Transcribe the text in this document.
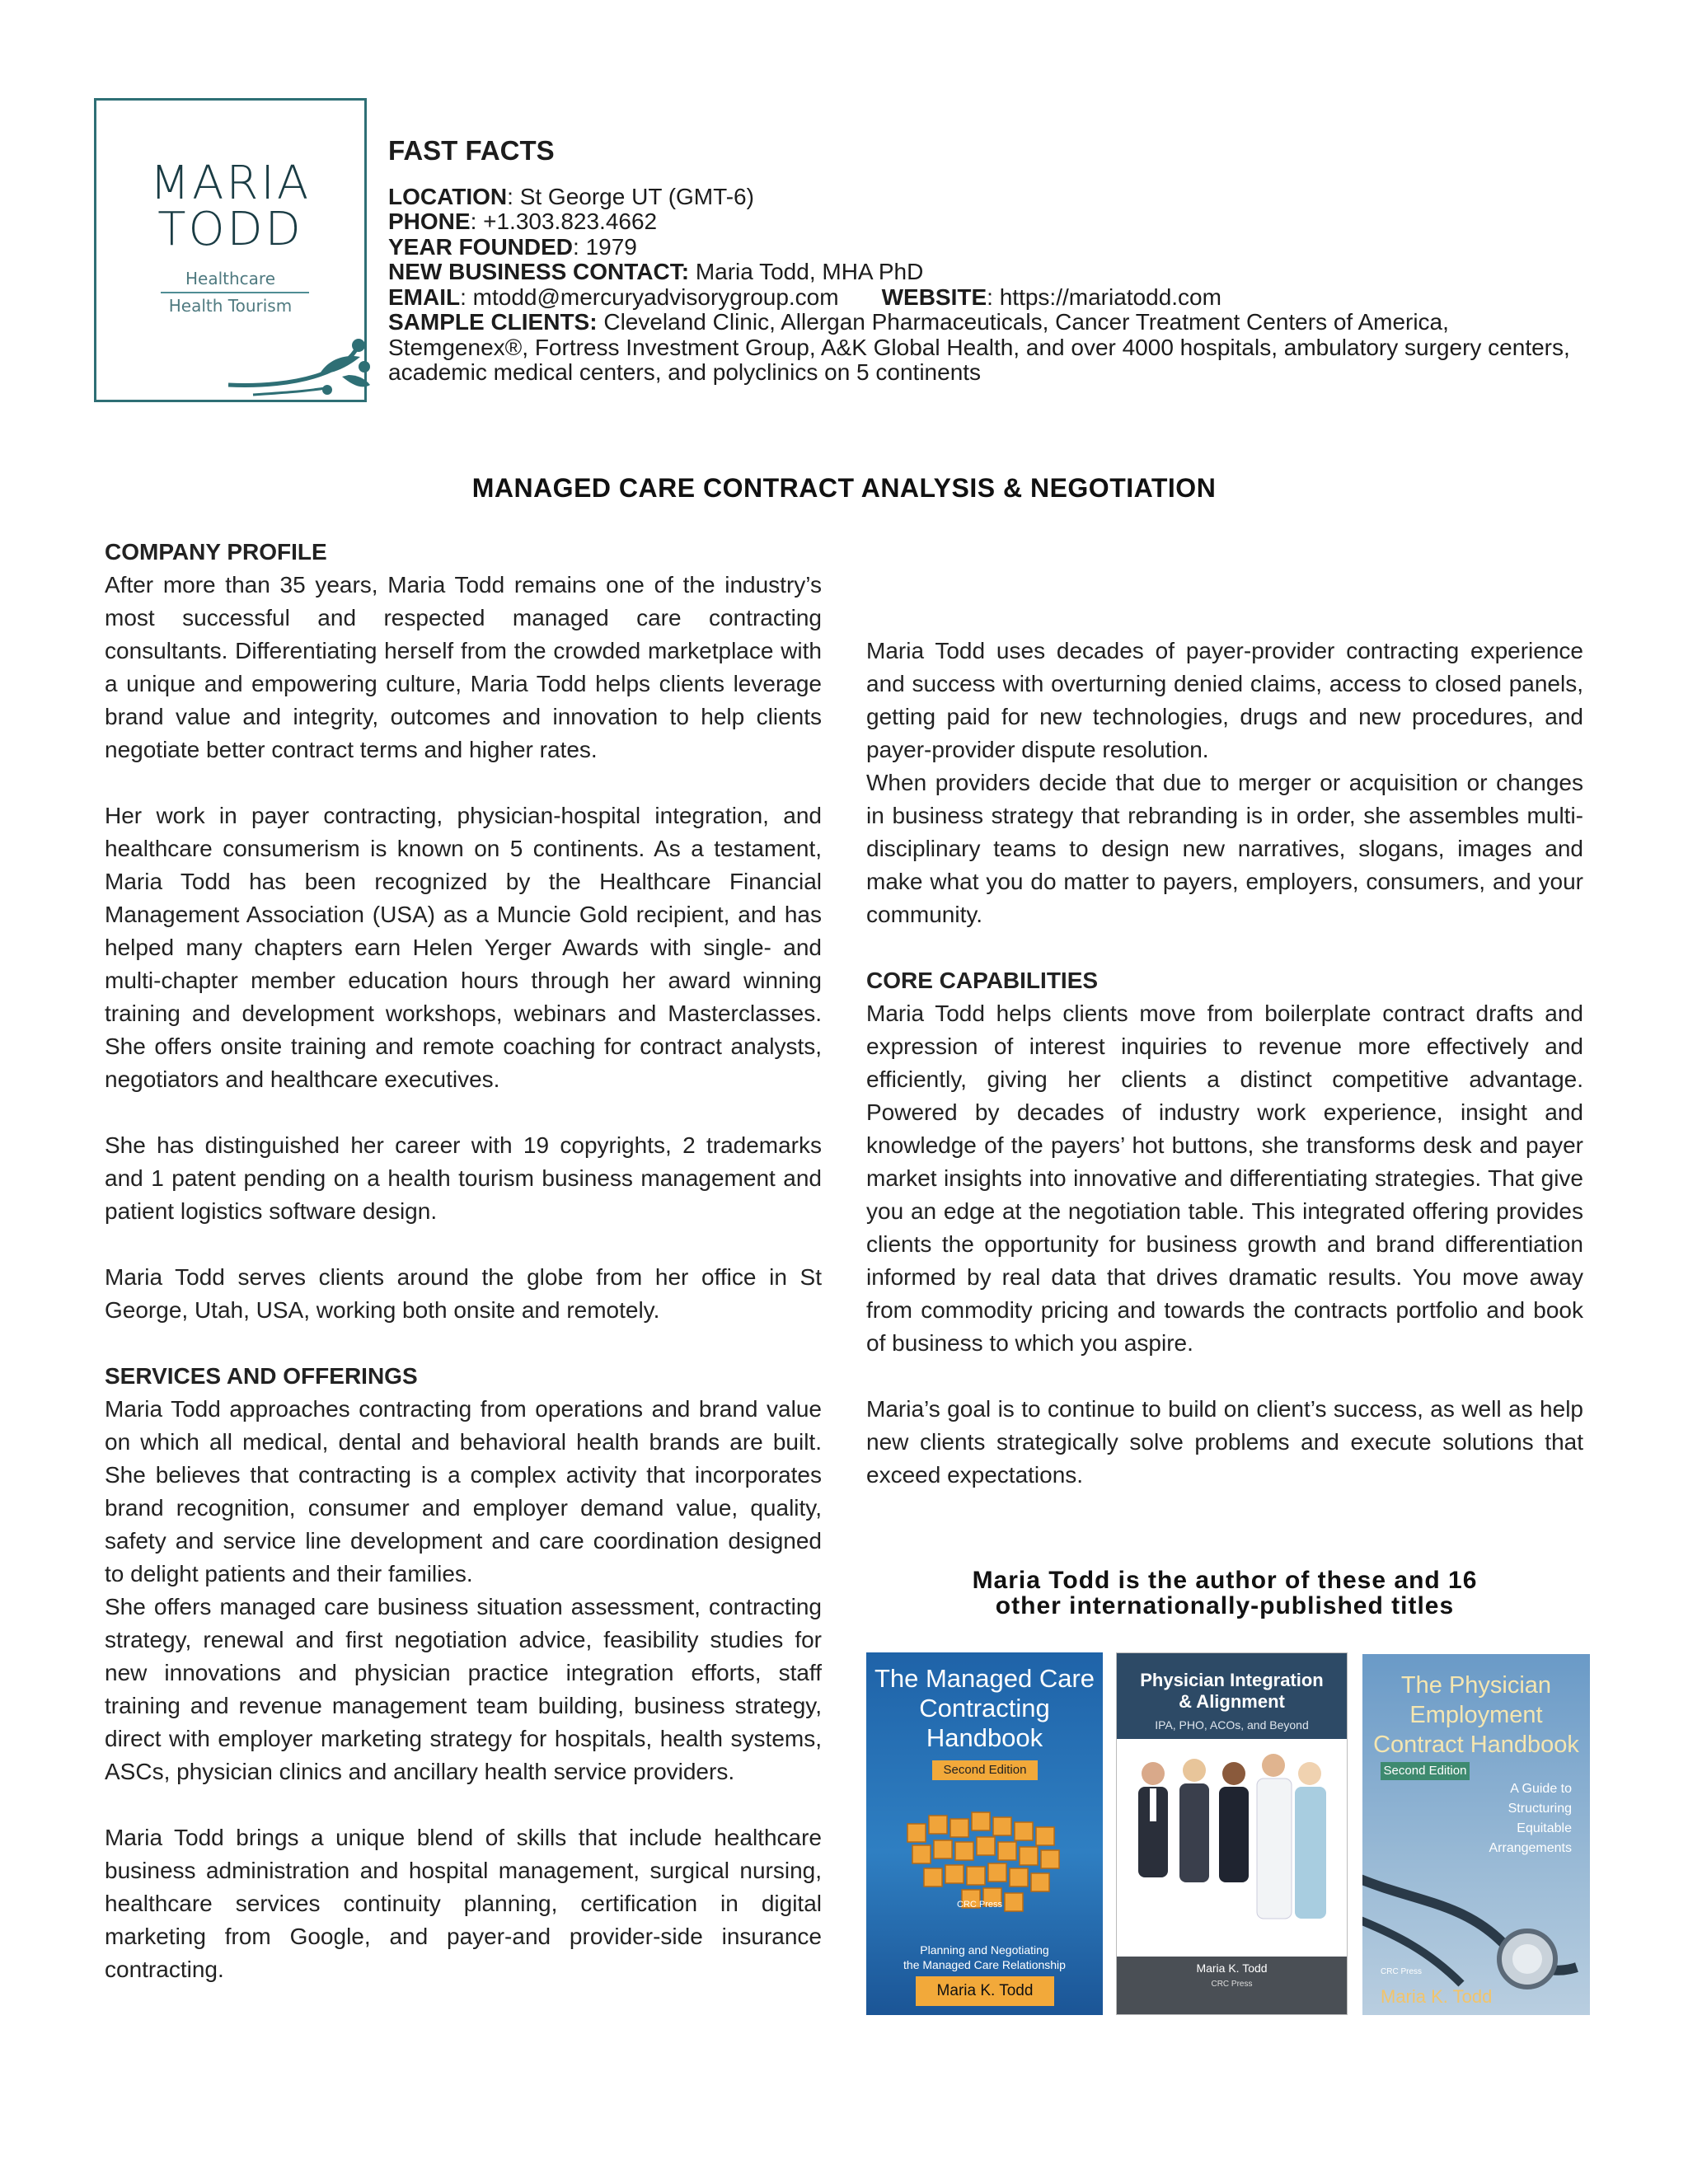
MARIA
TODD
Healthcare
Health Tourism
FAST FACTS
LOCATION: St George UT (GMT-6)
PHONE: +1.303.823.4662
YEAR FOUNDED: 1979
NEW BUSINESS CONTACT: Maria Todd, MHA PhD
EMAIL: mtodd@mercuryadvisorygroup.com WEBSITE: https://mariatodd.com
SAMPLE CLIENTS: Cleveland Clinic, Allergan Pharmaceuticals, Cancer Treatment Centers of America, Stemgenex®, Fortress Investment Group, A&K Global Health, and over 4000 hospitals, ambulatory surgery centers, academic medical centers, and polyclinics on 5 continents
MANAGED CARE CONTRACT ANALYSIS & NEGOTIATION
COMPANY PROFILE

After more than 35 years, Maria Todd remains one of the industry’s most successful and respected managed care contracting consultants. Differentiating herself from the crowded marketplace with a unique and empowering culture, Maria Todd helps clients leverage brand value and integrity, outcomes and innovation to help clients negotiate better contract terms and higher rates.

Her work in payer contracting, physician-hospital integration, and healthcare consumerism is known on 5 continents. As a testament, Maria Todd has been recognized by the Healthcare Financial Management Association (USA) as a Muncie Gold recipient, and has helped many chapters earn Helen Yerger Awards with single- and multi-chapter member education hours through her award winning training and development workshops, webinars and Masterclasses. She offers onsite training and remote coaching for contract analysts, negotiators and healthcare executives.

She has distinguished her career with 19 copyrights, 2 trademarks and 1 patent pending on a health tourism business management and patient logistics software design.

Maria Todd serves clients around the globe from her office in St George, Utah, USA, working both onsite and remotely.

SERVICES AND OFFERINGS

Maria Todd approaches contracting from operations and brand value on which all medical, dental and behavioral health brands are built. She believes that contracting is a complex activity that incorporates brand recognition, consumer and employer demand value, quality, safety and service line development and care coordination designed to delight patients and their families.

She offers managed care business situation assessment, contracting strategy, renewal and first negotiation advice, feasibility studies for new innovations and physician practice integration efforts, staff training and revenue management team building, business strategy, direct with employer marketing strategy for hospitals, health systems, ASCs, physician clinics and ancillary health service providers.

Maria Todd brings a unique blend of skills that include healthcare business administration and hospital management, surgical nursing, healthcare services continuity planning, certification in digital marketing from Google, and payer-and provider-side insurance contracting.

Maria Todd uses decades of payer-provider contracting experience and success with overturning denied claims, access to closed panels, getting paid for new technologies, drugs and new procedures, and payer-provider dispute resolution.

When providers decide that due to merger or acquisition or changes in business strategy that rebranding is in order, she assembles multi-disciplinary teams to design new narratives, slogans, images and make what you do matter to payers, employers, consumers, and your community.

CORE CAPABILITIES

Maria Todd helps clients move from boilerplate contract drafts and expression of interest inquiries to revenue more effectively and efficiently, giving her clients a distinct competitive advantage. Powered by decades of industry work experience, insight and knowledge of the payers’ hot buttons, she transforms desk and payer market insights into innovative and differentiating strategies. That give you an edge at the negotiation table. This integrated offering provides clients the opportunity for business growth and brand differentiation informed by real data that drives dramatic results. You move away from commodity pricing and towards the contracts portfolio and book of business to which you aspire.

Maria’s goal is to continue to build on client’s success, as well as help new clients strategically solve problems and execute solutions that exceed expectations.

Maria Todd is the author of these and 16
other internationally-published titles
The Managed Care
Contracting
Handbook
Second Edition
CRC Press
Planning and Negotiating
the Managed Care Relationship
Maria K. Todd
Physician Integration
& Alignment
IPA, PHO, ACOs, and Beyond
Maria K. Todd
CRC Press
The Physician
Employment
Contract Handbook
Second Edition
A Guide to
Structuring
Equitable
Arrangements
CRC Press
Maria K. Todd
